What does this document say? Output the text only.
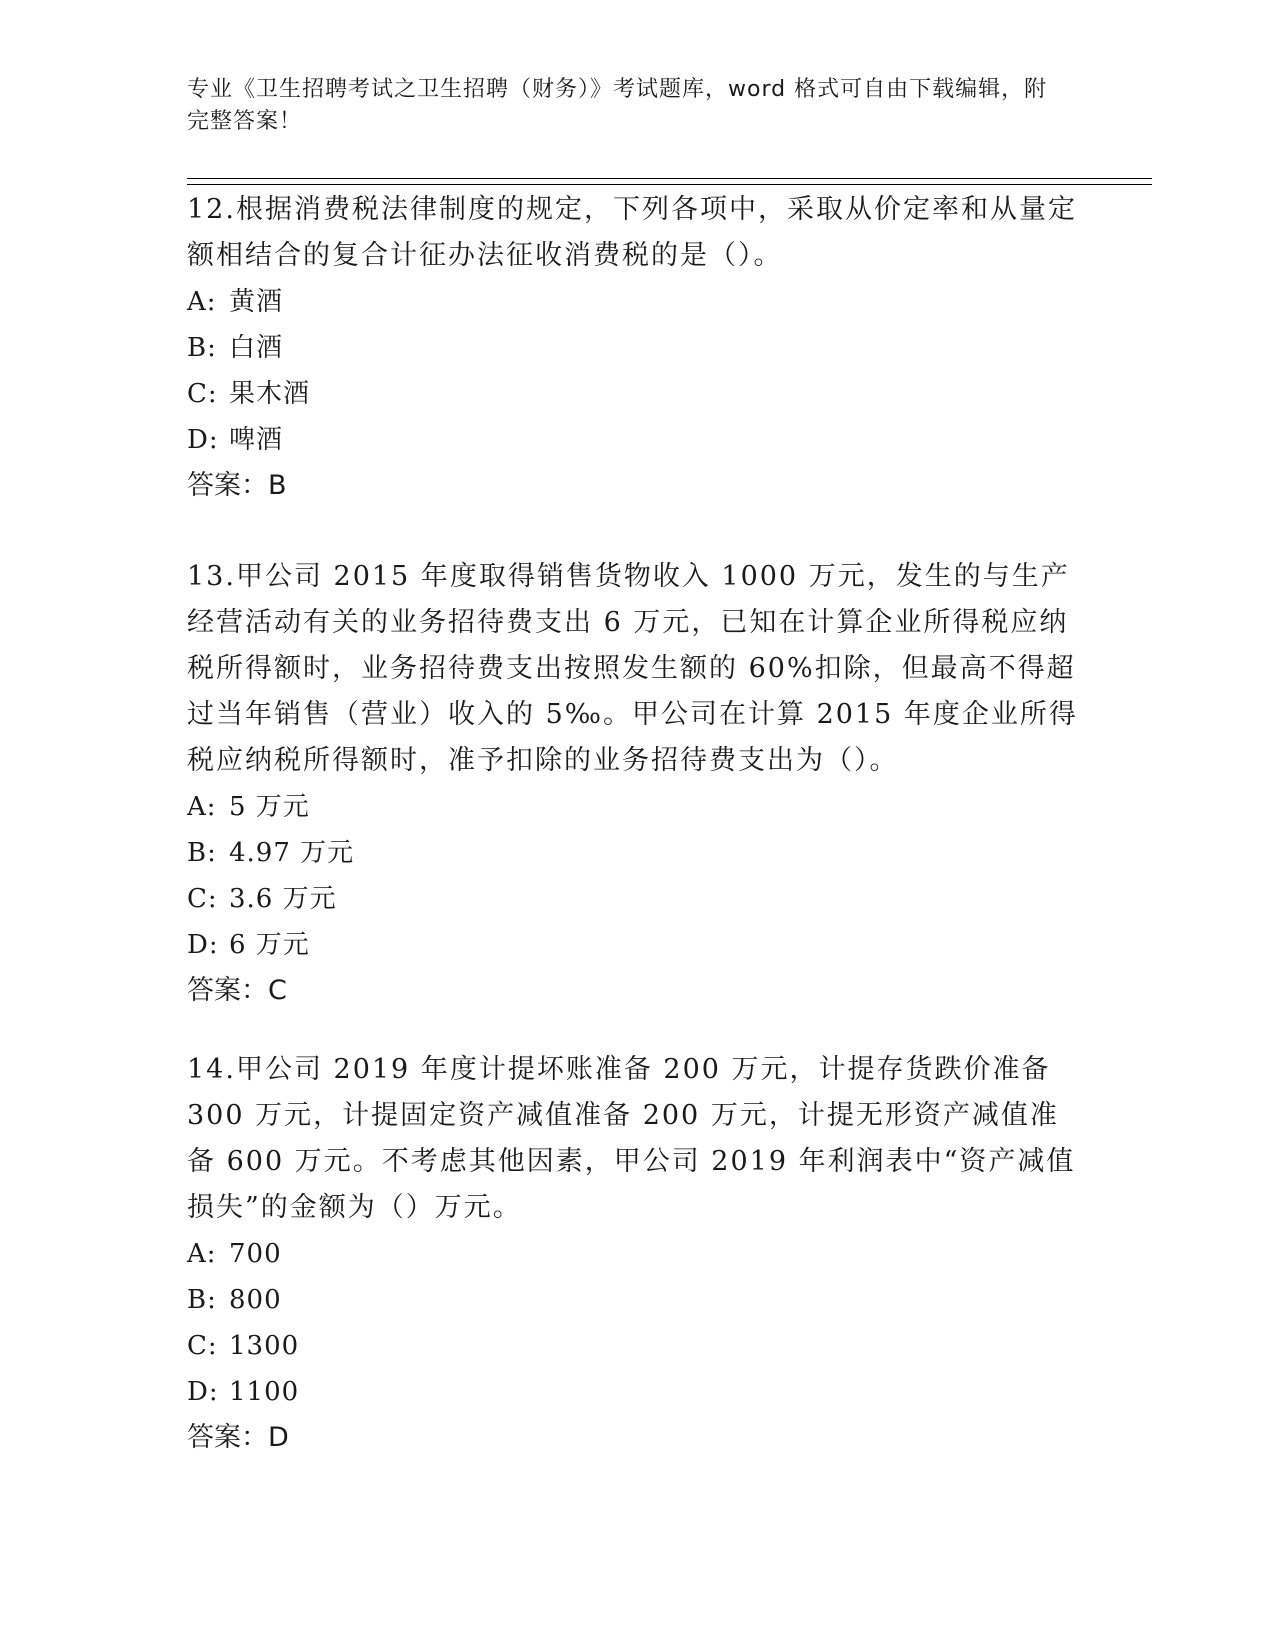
专业《卫生招聘考试之卫生招聘（财务）》考试题库，word 格式可自由下载编辑，附完整答案！

12.根据消费税法律制度的规定，下列各项中，采取从价定率和从量定额相结合的复合计征办法征收消费税的是（）。

A: 黄酒
B: 白酒
C: 果木酒
D: 啤酒

答案：B

13.甲公司 2015 年度取得销售货物收入 1000 万元，发生的与生产经营活动有关的业务招待费支出 6 万元，已知在计算企业所得税应纳税所得额时，业务招待费支出按照发生额的 60%扣除，但最高不得超过当年销售（营业）收入的 5‰。甲公司在计算 2015 年度企业所得税应纳税所得额时，准予扣除的业务招待费支出为（）。

A: 5 万元
B: 4.97 万元
C: 3.6 万元
D: 6 万元

答案：C

14.甲公司 2019 年度计提坏账准备 200 万元，计提存货跌价准备 300 万元，计提固定资产减值准备 200 万元，计提无形资产减值准备 600 万元。不考虑其他因素，甲公司 2019 年利润表中“资产减值损失”的金额为（）万元。

A: 700
B: 800
C: 1300
D: 1100

答案：D
